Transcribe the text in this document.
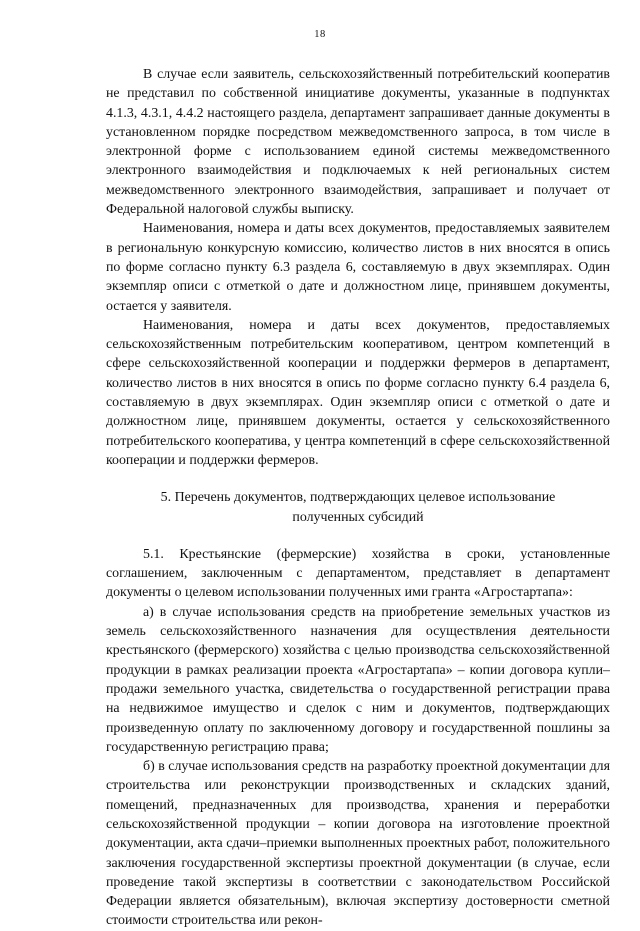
18

В случае если заявитель, сельскохозяйственный потребительский кооператив не представил по собственной инициативе документы, указанные в подпунктах 4.1.3, 4.3.1, 4.4.2 настоящего раздела, департамент запрашивает данные документы в установленном порядке посредством межведомственного запроса, в том числе в электронной форме с использованием единой системы межведомственного электронного взаимодействия и подключаемых к ней региональных систем межведомственного электронного взаимодействия, запрашивает и получает от Федеральной налоговой службы выписку.

Наименования, номера и даты всех документов, предоставляемых заявителем в региональную конкурсную комиссию, количество листов в них вносятся в опись по форме согласно пункту 6.3 раздела 6, составляемую в двух экземплярах. Один экземпляр описи с отметкой о дате и должностном лице, принявшем документы, остается у заявителя.

Наименования, номера и даты всех документов, предоставляемых сельскохозяйственным потребительским кооперативом, центром компетенций в сфере сельскохозяйственной кооперации и поддержки фермеров в департамент, количество листов в них вносятся в опись по форме согласно пункту 6.4 раздела 6, составляемую в двух экземплярах. Один экземпляр описи с отметкой о дате и должностном лице, принявшем документы, остается у сельскохозяйственного потребительского кооператива, у центра компетенций в сфере сельскохозяйственной кооперации и поддержки фермеров.

5. Перечень документов, подтверждающих целевое использование полученных субсидий

5.1. Крестьянские (фермерские) хозяйства в сроки, установленные соглашением, заключенным с департаментом, представляет в департамент документы о целевом использовании полученных ими гранта «Агростартапа»:

а) в случае использования средств на приобретение земельных участков из земель сельскохозяйственного назначения для осуществления деятельности крестьянского (фермерского) хозяйства с целью производства сельскохозяйственной продукции в рамках реализации проекта «Агростартапа» – копии договора купли–продажи земельного участка, свидетельства о государственной регистрации права на недвижимое имущество и сделок с ним и документов, подтверждающих произведенную оплату по заключенному договору и государственной пошлины за государственную регистрацию права;

б) в случае использования средств на разработку проектной документации для строительства или реконструкции производственных и складских зданий, помещений, предназначенных для производства, хранения и переработки сельскохозяйственной продукции – копии договора на изготовление проектной документации, акта сдачи–приемки выполненных проектных работ, положительного заключения государственной экспертизы проектной документации (в случае, если проведение такой экспертизы в соответствии с законодательством Российской Федерации является обязательным), включая экспертизу достоверности сметной стоимости строительства или рекон-
